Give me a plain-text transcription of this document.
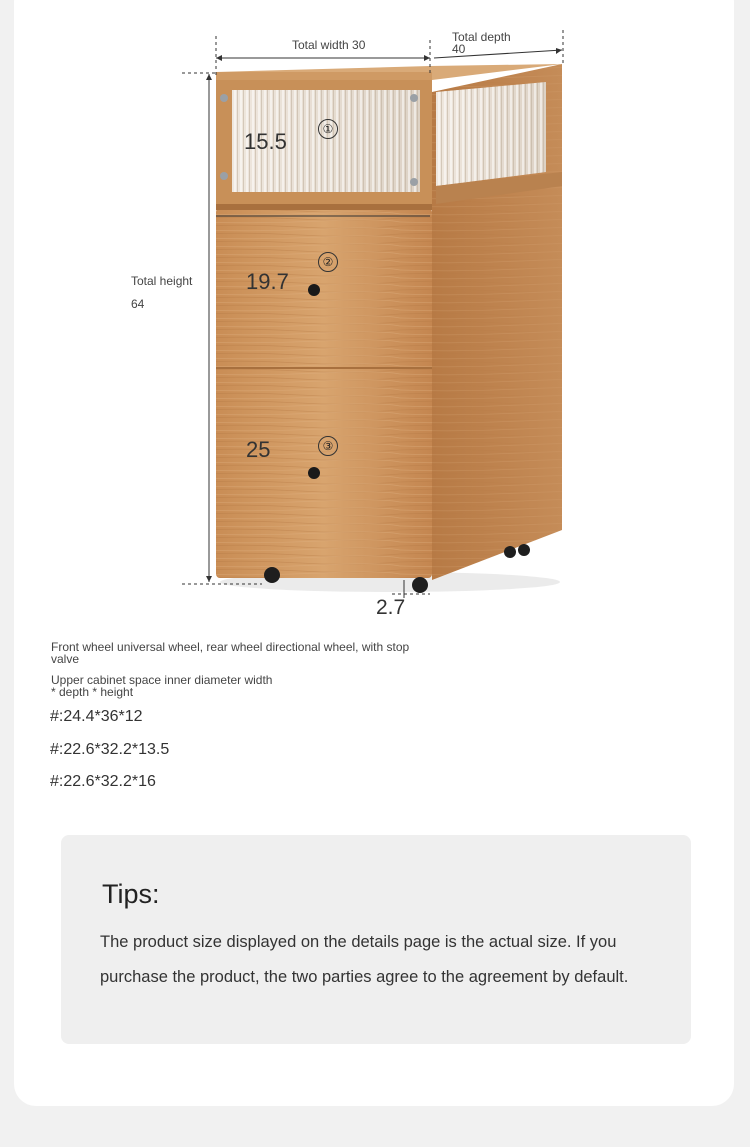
Total width 30
Total depth
40
Total height
64
15.5
19.7
25
2.7
①
②
③
Front wheel universal wheel, rear wheel directional wheel, with stop valve
Upper cabinet space inner diameter width
* depth * height
#:24.4*36*12
#:22.6*32.2*13.5
#:22.6*32.2*16
Tips:
The product size displayed on the details page is the actual size. If you purchase the product, the two parties agree to the agreement by default.
